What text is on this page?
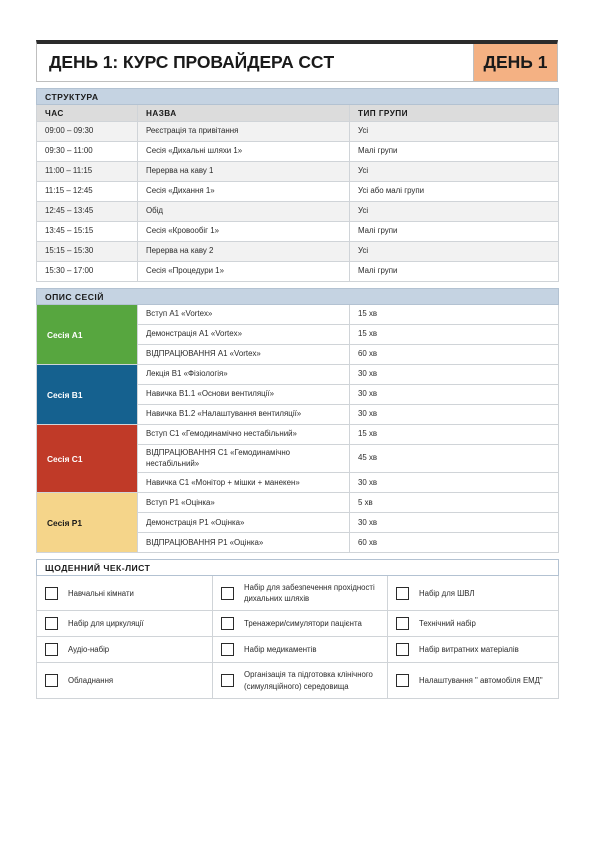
ДЕНЬ 1: КУРС ПРОВАЙДЕРА CCT	ДЕНЬ 1
СТРУКТУРА		
ЧАС	НАЗВА	ТИП ГРУПИ
09:00 – 09:30	Реєстрація та привітання	Усі
09:30 – 11:00	Сесія «Дихальні шляхи 1»	Малі групи
11:00 – 11:15	Перерва на каву 1	Усі
11:15 – 12:45	Сесія «Дихання 1»	Усі або малі групи
12:45 – 13:45	Обід	Усі
13:45 – 15:15	Сесія «Кровообіг 1»	Малі групи
15:15 – 15:30	Перерва на каву 2	Усі
15:30 – 17:00	Сесія «Процедури 1»	Малі групи
ОПИС СЕСІЙ		
Сесія А1	Вступ А1 «Vortex»	15 хв
	Демонстрація А1 «Vortex»	15 хв
	ВІДПРАЦЮВАННЯ А1 «Vortex»	60 хв
Сесія В1	Лекція В1 «Фізіологія»	30 хв
	Навичка В1.1 «Основи вентиляції»	30 хв
	Навичка В1.2 «Налаштування вентиляції»	30 хв
Сесія С1	Вступ С1 «Гемодинамічно нестабільний»	15 хв
	ВІДПРАЦЮВАННЯ С1 «Гемодинамічно нестабільний»	45 хв
	Навичка С1 «Монітор + мішки + манекен»	30 хв
Сесія Р1	Вступ Р1 «Оцінка»	5 хв
	Демонстрація Р1 «Оцінка»	30 хв
	ВІДПРАЦЮВАННЯ Р1 «Оцінка»	60 хв
ЩОДЕННИЙ ЧЕК-ЛИСТ		

Навчальні кімнати	Набір для забезпечення прохідності дихальних шляхів	Набір для ШВЛ

Набір для циркуляції	Тренажери/симулятори пацієнта	Технічний набір

Аудіо-набір	Набір медикаментів	Набір витратних матеріалів

Обладнання	Організація та підготовка клінічного (симуляційного) середовища	Налаштування " автомобіля ЕМД"
